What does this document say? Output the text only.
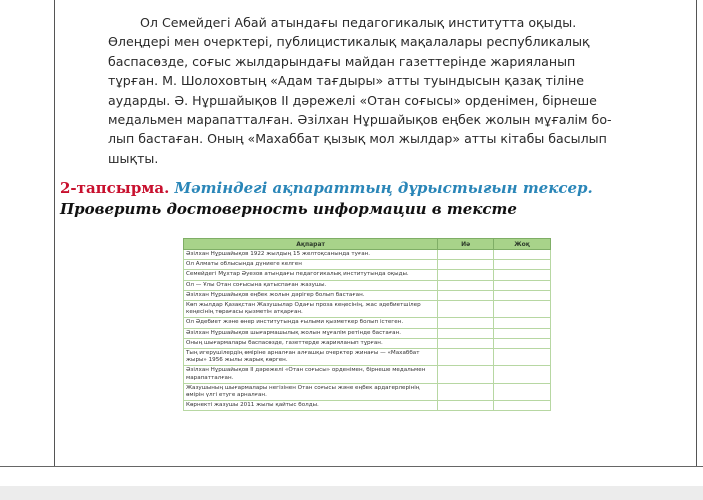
Ол Семейдегі Абай атындағы педагогикалық институтта оқыды.
Өлеңдері мен очерктері, публицистикалық мақалалары республикалық
баспасөзде, соғыс жылдарындағы майдан газеттерінде жарияланып
тұрған. М. Шолоховтың «Адам тағдыры» атты туындысын қазақ тіліне
аударды. Ә. Нұршайықов ІІ дәрежелі «Отан соғысы» орденімен, бірнеше
медальмен марапатталған. Әзілхан Нұршайықов еңбек жолын мұғалім бо-
лып бастаған. Оның «Махаббат қызық мол жылдар» атты кітабы басылып
шықты.
2-тапсырма. Мәтіндегі ақпараттың дұрыстығын тексер.
Проверить достоверность информации в тексте
Ақпарат	Иә	Жоқ
Әзілхан Нұршайықов 1922 жылдың 15 желтоқсанында туған.		
Ол Алматы облысында дүниеге келген		
Семейдегі Мұхтар Әуезов атындағы педагогикалық институтында оқыды.		
Ол — Ұлы Отан соғысына қатыспаған жазушы.		
Әзілхан Нұршайықов еңбек жолын дәрігер болып бастаған.		
Көп жылдар Қазақстан Жазушылар Одағы проза кеңесінің, жас әдебиетшілер кеңесінің төрағасы қызметін атқарған.		
Ол Әдебиет және өнер институтында ғылыми қызметкер болып істеген.		
Әзілхан Нұршайықов шығармашылық жолын мұғалім ретінде бастаған.		
Оның шығармалары баспасөзде, газеттерде жарияланып тұрған.		
Тың игерушілердің өміріне арналған алғашқы очерктер жинағы — «Махаббат жыры» 1956 жылы жарық көрген.		
Әзілхан Нұршайықов ІІ дәрежелі «Отан соғысы» орденімен, бірнеше медальмен марапатталған.		
Жазушының шығармалары негізінен Отан соғысы және еңбек ардагерлерінің өмірін үлгі етуге арналған.		
Көрнекті жазушы 2011 жылы қайтыс болды.		
